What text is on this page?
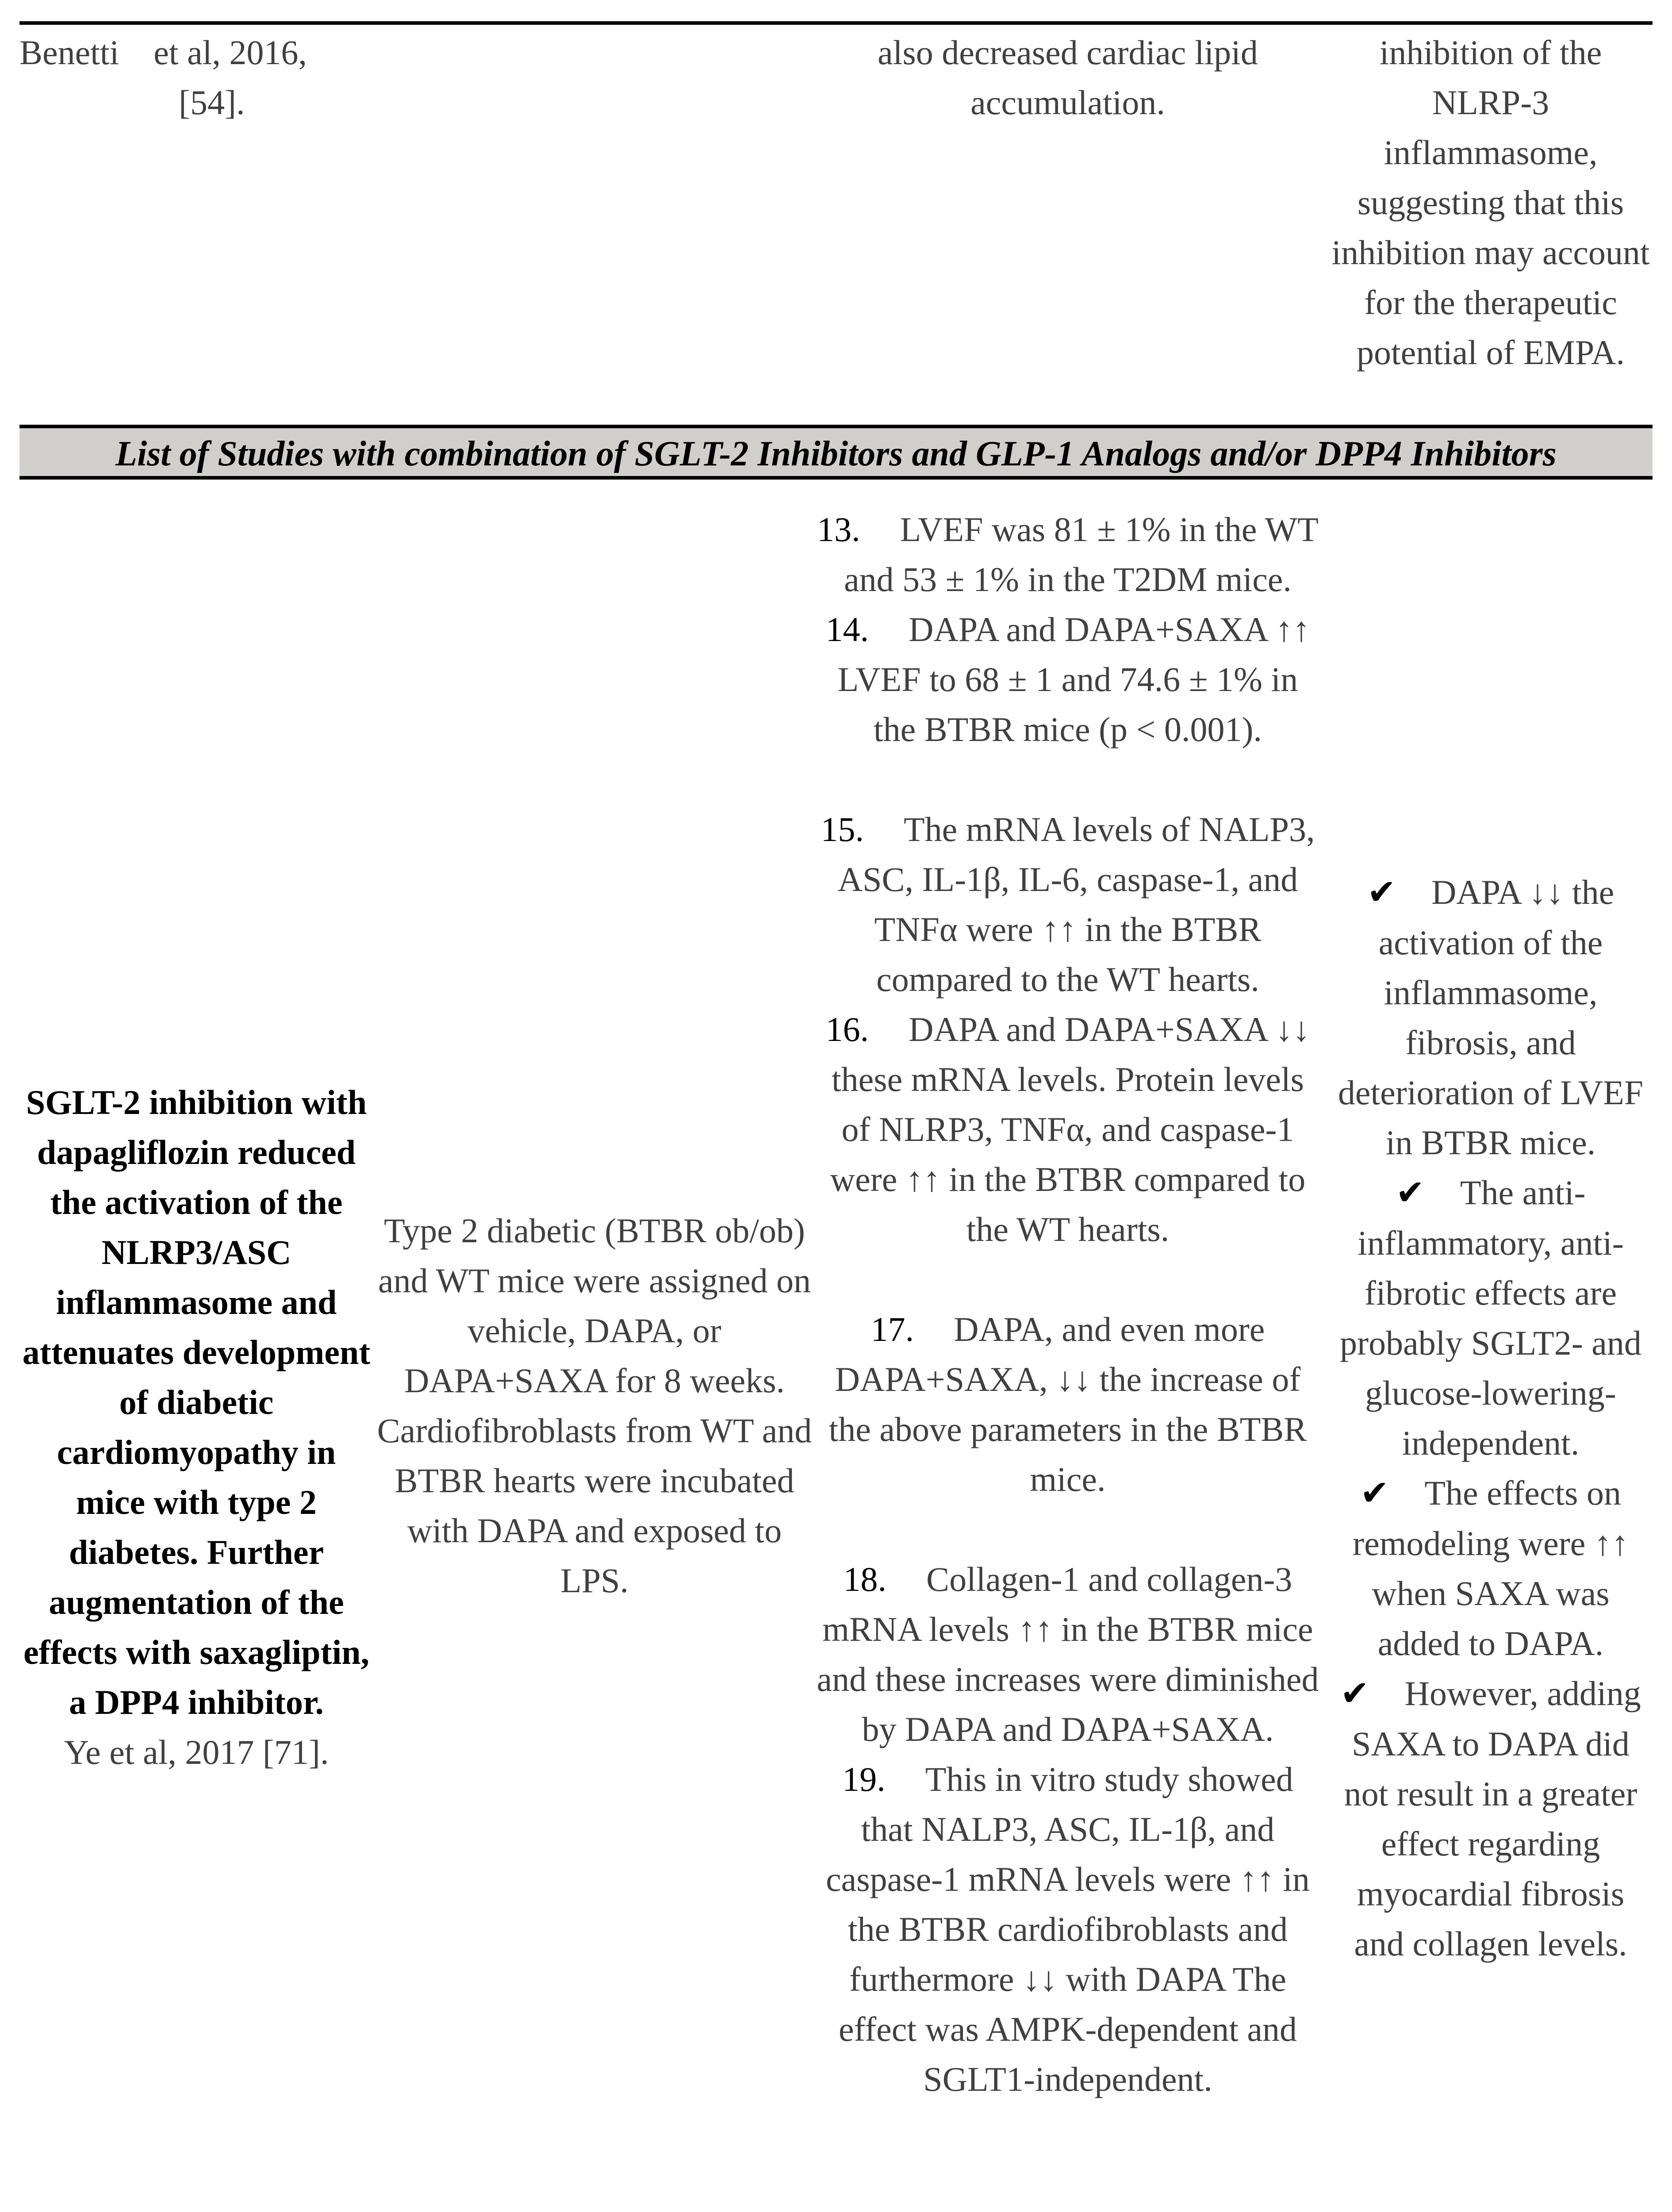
Benetti    et al, 2016,
[54].
also decreased cardiac lipid accumulation.
inhibition of the NLRP-3 inflammasome, suggesting that this inhibition may account for the therapeutic potential of EMPA.
List of Studies with combination of SGLT-2 Inhibitors and GLP-1 Analogs and/or DPP4 Inhibitors
SGLT-2 inhibition with dapagliflozin reduced the activation of the NLRP3/ASC inflammasome and attenuates development of diabetic cardiomyopathy in mice with type 2 diabetes. Further augmentation of the effects with saxagliptin, a DPP4 inhibitor.
Ye et al, 2017 [71].
Type 2 diabetic (BTBR ob/ob) and WT mice were assigned on vehicle, DAPA, or DAPA+SAXA for 8 weeks. Cardiofibroblasts from WT and BTBR hearts were incubated with DAPA and exposed to LPS.
13. LVEF was 81 ± 1% in the WT and 53 ± 1% in the T2DM mice.
14. DAPA and DAPA+SAXA ↑↑ LVEF to 68 ± 1 and 74.6 ± 1% in the BTBR mice (p < 0.001).
15. The mRNA levels of NALP3, ASC, IL-1β, IL-6, caspase-1, and TNFα were ↑↑ in the BTBR compared to the WT hearts.
16. DAPA and DAPA+SAXA ↓↓ these mRNA levels. Protein levels of NLRP3, TNFα, and caspase-1 were ↑↑ in the BTBR compared to the WT hearts.
17. DAPA, and even more DAPA+SAXA, ↓↓ the increase of the above parameters in the BTBR mice.
18. Collagen-1 and collagen-3 mRNA levels ↑↑ in the BTBR mice and these increases were diminished by DAPA and DAPA+SAXA.
19. This in vitro study showed that NALP3, ASC, IL-1β, and caspase-1 mRNA levels were ↑↑ in the BTBR cardiofibroblasts and furthermore ↓↓ with DAPA The effect was AMPK-dependent and SGLT1-independent.
✔ DAPA ↓↓ the activation of the inflammasome, fibrosis, and deterioration of LVEF in BTBR mice.
✔ The anti-inflammatory, anti-fibrotic effects are probably SGLT2- and glucose-lowering-independent.
✔ The effects on remodeling were ↑↑ when SAXA was added to DAPA.
✔ However, adding SAXA to DAPA did not result in a greater effect regarding myocardial fibrosis and collagen levels.
